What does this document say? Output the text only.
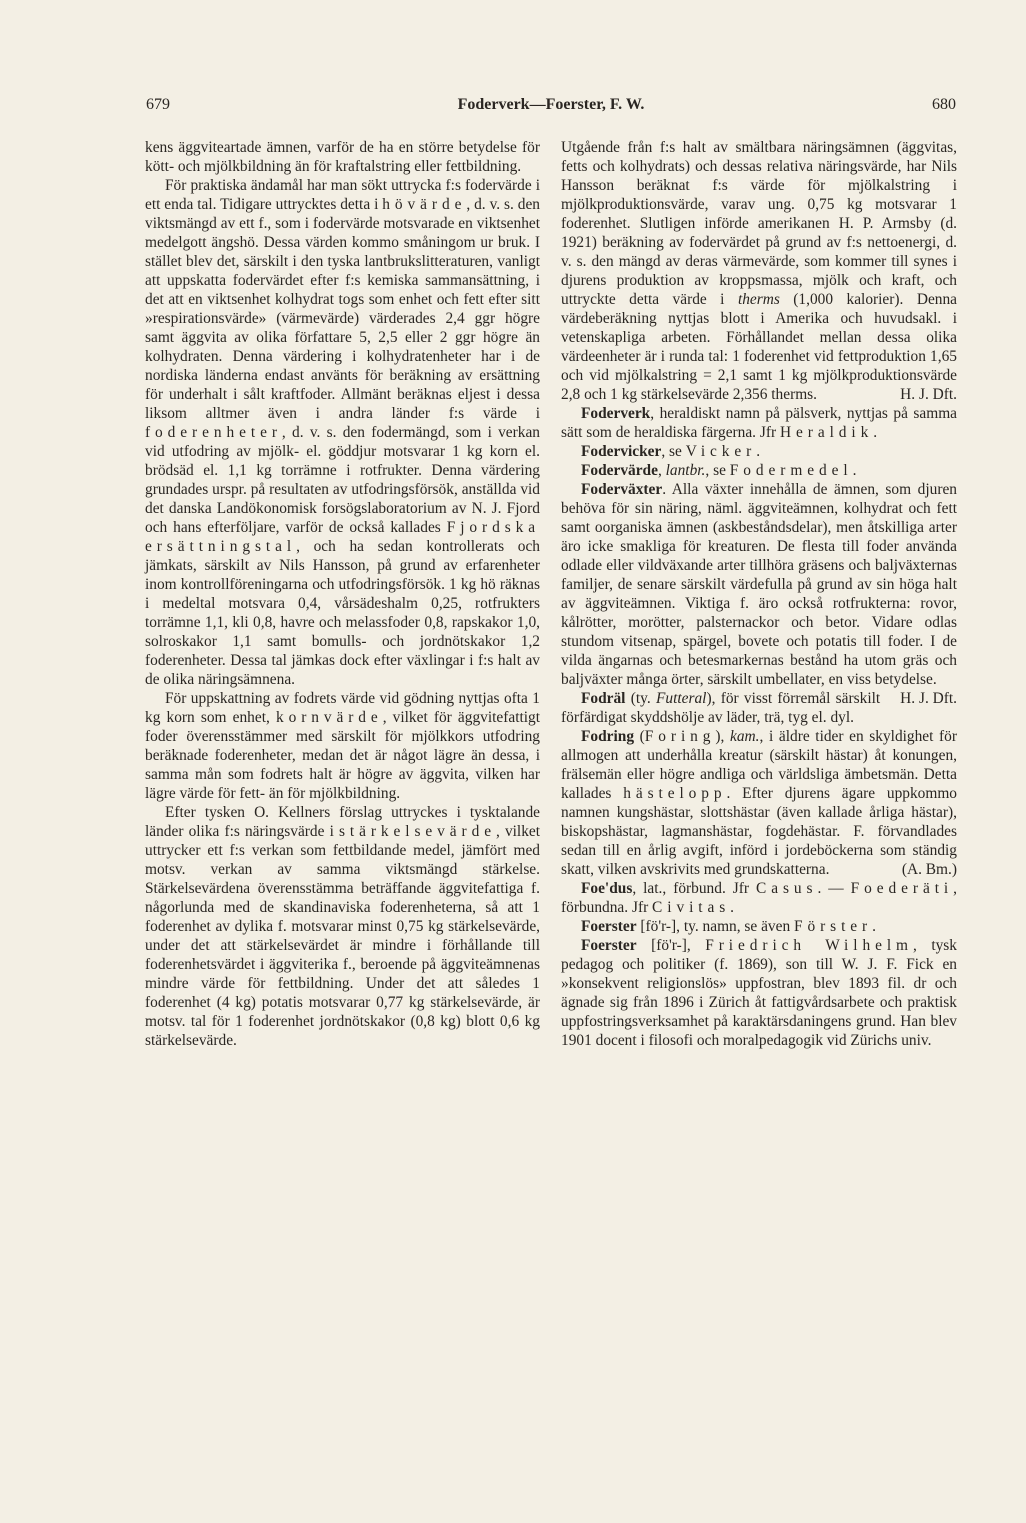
679	Foderverk—Foerster, F. W.	680

kens äggviteartade ämnen, varför de ha en större betydelse för kött- och mjölkbildning än för kraftalstring eller fettbildning.

För praktiska ändamål har man sökt uttrycka f:s fodervärde i ett enda tal. Tidigare uttrycktes detta i hövärde, d. v. s. den viktsmängd av ett f., som i fodervärde motsvarade en viktsenhet medelgott ängshö. Dessa värden kommo småningom ur bruk. I stället blev det, särskilt i den tyska lantbrukslitteraturen, vanligt att uppskatta fodervärdet efter f:s kemiska sammansättning, i det att en viktsenhet kolhydrat togs som enhet och fett efter sitt »respirationsvärde» (värmevärde) värderades 2,4 ggr högre samt äggvita av olika författare 5, 2,5 eller 2 ggr högre än kolhydraten. Denna värdering i kolhydratenheter har i de nordiska länderna endast använts för beräkning av ersättning för underhalt i sålt kraftfoder. Allmänt beräknas eljest i dessa liksom alltmer även i andra länder f:s värde i foderenheter, d. v. s. den fodermängd, som i verkan vid utfodring av mjölk- el. göddjur motsvarar 1 kg korn el. brödsäd el. 1,1 kg torrämne i rotfrukter. Denna värdering grundades urspr. på resultaten av utfodringsförsök, anställda vid det danska Landökonomisk forsögslaboratorium av N. J. Fjord och hans efterföljare, varför de också kallades Fjordska ersättningstal, och ha sedan kontrollerats och jämkats, särskilt av Nils Hansson, på grund av erfarenheter inom kontrollföreningarna och utfodringsförsök. 1 kg hö räknas i medeltal motsvara 0,4, vårsädeshalm 0,25, rotfrukters torrämne 1,1, kli 0,8, havre och melassfoder 0,8, rapskakor 1,0, solroskakor 1,1 samt bomulls- och jordnötskakor 1,2 foderenheter. Dessa tal jämkas dock efter växlingar i f:s halt av de olika näringsämnena.

För uppskattning av fodrets värde vid gödning nyttjas ofta 1 kg korn som enhet, kornvärde, vilket för äggvitefattigt foder överensstämmer med särskilt för mjölkkors utfodring beräknade foderenheter, medan det är något lägre än dessa, i samma mån som fodrets halt är högre av äggvita, vilken har lägre värde för fett- än för mjölkbildning.

Efter tysken O. Kellners förslag uttryckes i tysktalande länder olika f:s näringsvärde i stärkelsevärde, vilket uttrycker ett f:s verkan som fettbildande medel, jämfört med motsv. verkan av samma viktsmängd stärkelse. Stärkelsevärdena överensstämma beträffande äggvitefattiga f. någorlunda med de skandinaviska foderenheterna, så att 1 foderenhet av dylika f. motsvarar minst 0,75 kg stärkelsevärde, under det att stärkelsevärdet är mindre i förhållande till foderenhetsvärdet i äggviterika f., beroende på äggviteämnenas mindre värde för fettbildning. Under det att således 1 foderenhet (4 kg) potatis motsvarar 0,77 kg stärkelsevärde, är motsv. tal för 1 foderenhet jordnötskakor (0,8 kg) blott 0,6 kg stärkelsevärde.

Utgående från f:s halt av smältbara näringsämnen (äggvitas, fetts och kolhydrats) och dessas relativa näringsvärde, har Nils Hansson beräknat f:s värde för mjölkalstring i mjölkproduktionsvärde, varav ung. 0,75 kg motsvarar 1 foderenhet. Slutligen införde amerikanen H. P. Armsby (d. 1921) beräkning av fodervärdet på grund av f:s nettoenergi, d. v. s. den mängd av deras värmevärde, som kommer till synes i djurens produktion av kroppsmassa, mjölk och kraft, och uttryckte detta värde i therms (1,000 kalorier). Denna värdeberäkning nyttjas blott i Amerika och huvudsakl. i vetenskapliga arbeten. Förhållandet mellan dessa olika värdeenheter är i runda tal: 1 foderenhet vid fettproduktion 1,65 och vid mjölkalstring = 2,1 samt 1 kg mjölkproduktionsvärde 2,8 och 1 kg stärkelsevärde 2,356 therms.	H. J. Dft.

Foderverk, heraldiskt namn på pälsverk, nyttjas på samma sätt som de heraldiska färgerna. Jfr Heraldik.

Fodervicker, se Vicker.

Fodervärde, lantbr., se Fodermedel.

Foderväxter. Alla växter innehålla de ämnen, som djuren behöva för sin näring, näml. äggviteämnen, kolhydrat och fett samt oorganiska ämnen (askbeståndsdelar), men åtskilliga arter äro icke smakliga för kreaturen. De flesta till foder använda odlade eller vildväxande arter tillhöra gräsens och baljväxternas familjer, de senare särskilt värdefulla på grund av sin höga halt av äggviteämnen. Viktiga f. äro också rotfrukterna: rovor, kålrötter, morötter, palsternackor och betor. Vidare odlas stundom vitsenap, spärgel, bovete och potatis till foder. I de vilda ängarnas och betesmarkernas bestånd ha utom gräs och baljväxter många örter, särskilt umbellater, en viss betydelse.
H. J. Dft.

Fodräl (ty. Futteral), för visst förremål särskilt förfärdigat skyddshölje av läder, trä, tyg el. dyl.

Fodring (Foring), kam., i äldre tider en skyldighet för allmogen att underhålla kreatur (särskilt hästar) åt konungen, frälsemän eller högre andliga och världsliga ämbetsmän. Detta kallades hästelopp. Efter djurens ägare uppkommo namnen kungshästar, slottshästar (även kallade årliga hästar), biskopshästar, lagmanshästar, fogdehästar. F. förvandlades sedan till en årlig avgift, införd i jordeböckerna som ständig skatt, vilken avskrivits med grundskatterna.	(A. Bm.)

Foe'dus, lat., förbund. Jfr Casus. — Foederäti, förbundna. Jfr Civitas.

Foerster [fö'r-], ty. namn, se även Förster.

Foerster [fö'r-], Friedrich Wilhelm, tysk pedagog och politiker (f. 1869), son till W. J. F. Fick en »konsekvent religionslös» uppfostran, blev 1893 fil. dr och ägnade sig från 1896 i Zürich åt fattigvårdsarbete och praktisk uppfostringsverksamhet på karaktärsdaningens grund. Han blev 1901 docent i filosofi och moralpedagogik vid Zürichs univ.
